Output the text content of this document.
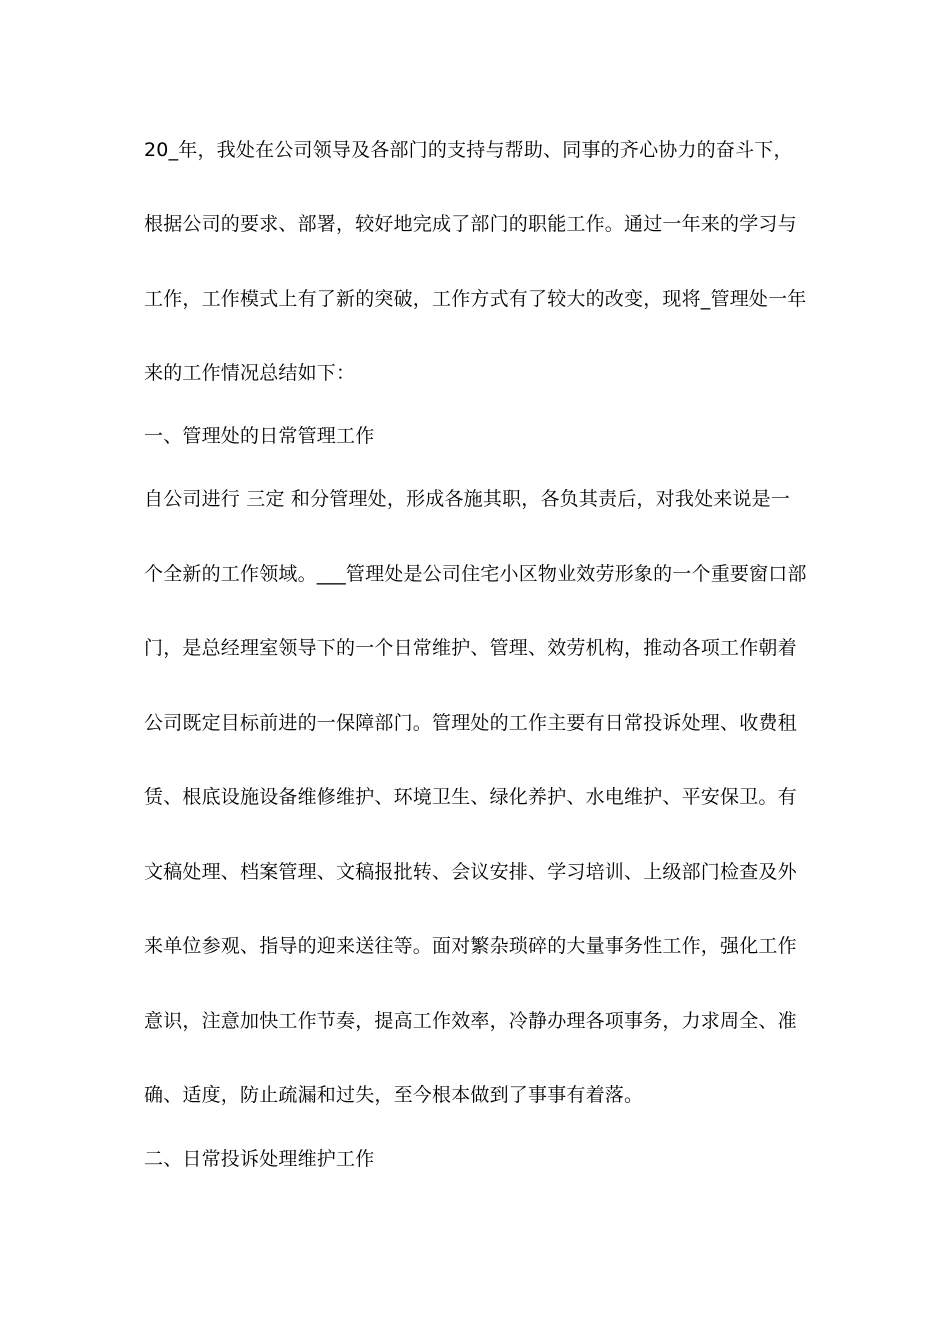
20_年，我处在公司领导及各部门的支持与帮助、同事的齐心协力的奋斗下，
根据公司的要求、部署，较好地完成了部门的职能工作。通过一年来的学习与
工作，工作模式上有了新的突破，工作方式有了较大的改变，现将_管理处一年
来的工作情况总结如下：
一、管理处的日常管理工作
自公司进行 三定 和分管理处，形成各施其职，各负其责后，对我处来说是一
个全新的工作领域。___管理处是公司住宅小区物业效劳形象的一个重要窗口部
门，是总经理室领导下的一个日常维护、管理、效劳机构，推动各项工作朝着
公司既定目标前进的一保障部门。管理处的工作主要有日常投诉处理、收费租
赁、根底设施设备维修维护、环境卫生、绿化养护、水电维护、平安保卫。有
文稿处理、档案管理、文稿报批转、会议安排、学习培训、上级部门检查及外
来单位参观、指导的迎来送往等。面对繁杂琐碎的大量事务性工作，强化工作
意识，注意加快工作节奏，提高工作效率，冷静办理各项事务，力求周全、准
确、适度，防止疏漏和过失，至今根本做到了事事有着落。
二、日常投诉处理维护工作
